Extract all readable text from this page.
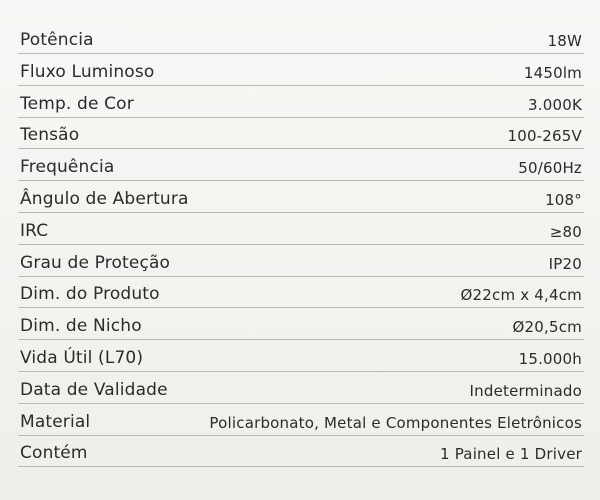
Potência	18W
Fluxo Luminoso	1450lm
Temp. de Cor	3.000K
Tensão	100-265V
Frequência	50/60Hz
Ângulo de Abertura	108°
IRC	≥80
Grau de Proteção	IP20
Dim. do Produto	Ø22cm x 4,4cm
Dim. de Nicho	Ø20,5cm
Vida Útil (L70)	15.000h
Data de Validade	Indeterminado
Material	Policarbonato, Metal e Componentes Eletrônicos
Contém	1 Painel e 1 Driver
